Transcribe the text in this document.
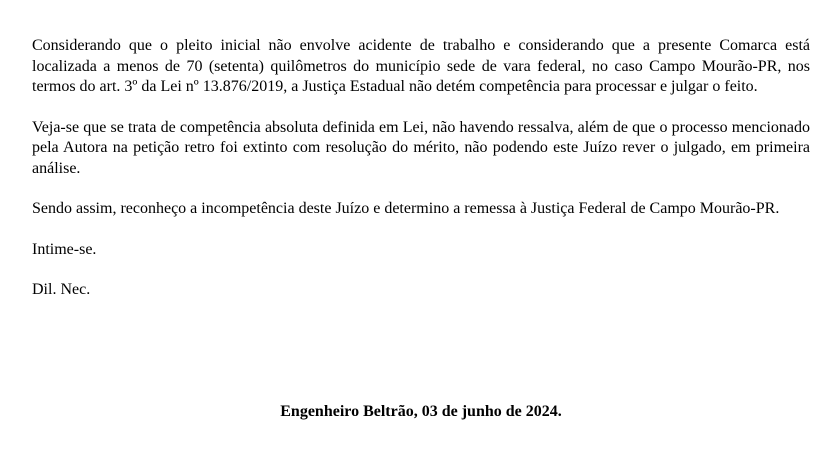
Considerando que o pleito inicial não envolve acidente de trabalho e considerando que a presente Comarca está localizada a menos de 70 (setenta) quilômetros do município sede de vara federal, no caso Campo Mourão-PR, nos termos do art. 3º da Lei nº 13.876/2019, a Justiça Estadual não detém competência para processar e julgar o feito.

Veja-se que se trata de competência absoluta definida em Lei, não havendo ressalva, além de que o processo mencionado pela Autora na petição retro foi extinto com resolução do mérito, não podendo este Juízo rever o julgado, em primeira análise.

Sendo assim, reconheço a incompetência deste Juízo e determino a remessa à Justiça Federal de Campo Mourão-PR.

Intime-se.

Dil. Nec.

Engenheiro Beltrão, 03 de junho de 2024.
